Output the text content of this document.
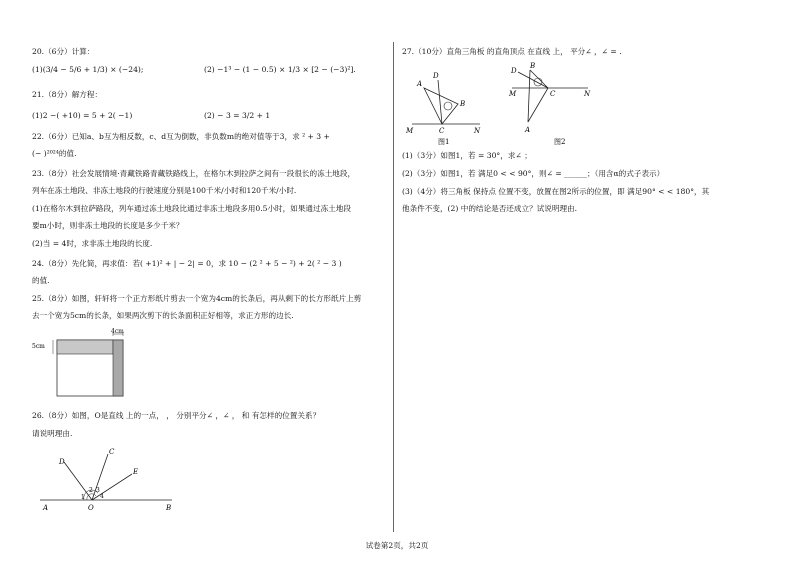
20.（6分）计算：
(1)(3/4 − 5/6 + 1/3) × (−24);	(2) −1³ − (1 − 0.5) × 1/3 × [2 − (−3)²].
21.（8分）解方程：
(1)2 −( +10) = 5 + 2( −1)	(2) − 3 = 3/2 + 1
22.（6分）已知a、b互为相反数，c、d互为倒数，非负数m的绝对值等于3，求 ² + 3 +
(− )²⁰²⁴的值.
23.（8分）社会发展情境·青藏铁路青藏铁路线上，在格尔木到拉萨之间有一段很长的冻土地段，
列车在冻土地段、非冻土地段的行驶速度分别是100千米/小时和120千米/小时.
(1)在格尔木到拉萨路段，列车通过冻土地段比通过非冻土地段多用0.5小时，如果通过冻土地段
要m小时，则非冻土地段的长度是多少千米？
(2)当 = 4时，求非冻土地段的长度.
24.（8分）先化简，再求值：若( +1)² + | − 2| = 0，求 10 − (2 ² + 5 − ²) + 2( ² − 3 )
的值.
25.（8分）如图，轩轩将一个正方形纸片剪去一个宽为4cm的长条后，再从剩下的长方形纸片上剪
去一个宽为5cm的长条，如果两次剪下的长条面积正好相等，求正方形的边长.
4cm
5cm
26.（8分）如图，O是直线 上的一点， ， 分别平分∠ ，∠ ， 和 有怎样的位置关系？
请说明理由.
A	B
O
C
D
E
1
2 3
4
27.（10分）直角三角板 的直角顶点 在直线 上， 平分∠ ，∠ = .
A
D
B
C
M	N
图1
B
D
M	C	N
A
图2
(1)（3分）如图1，若 = 30°，求∠ ；
(2)（3分）如图1，若 满足0 < < 90°，则∠ = ______；（用含α的式子表示）
(3)（4分）将三角板 保持点 位置不变，放置在图2所示的位置，即 满足90° < < 180°，其
他条件不变，(2) 中的结论是否还成立？试说明理由.
试卷第2页，共2页
